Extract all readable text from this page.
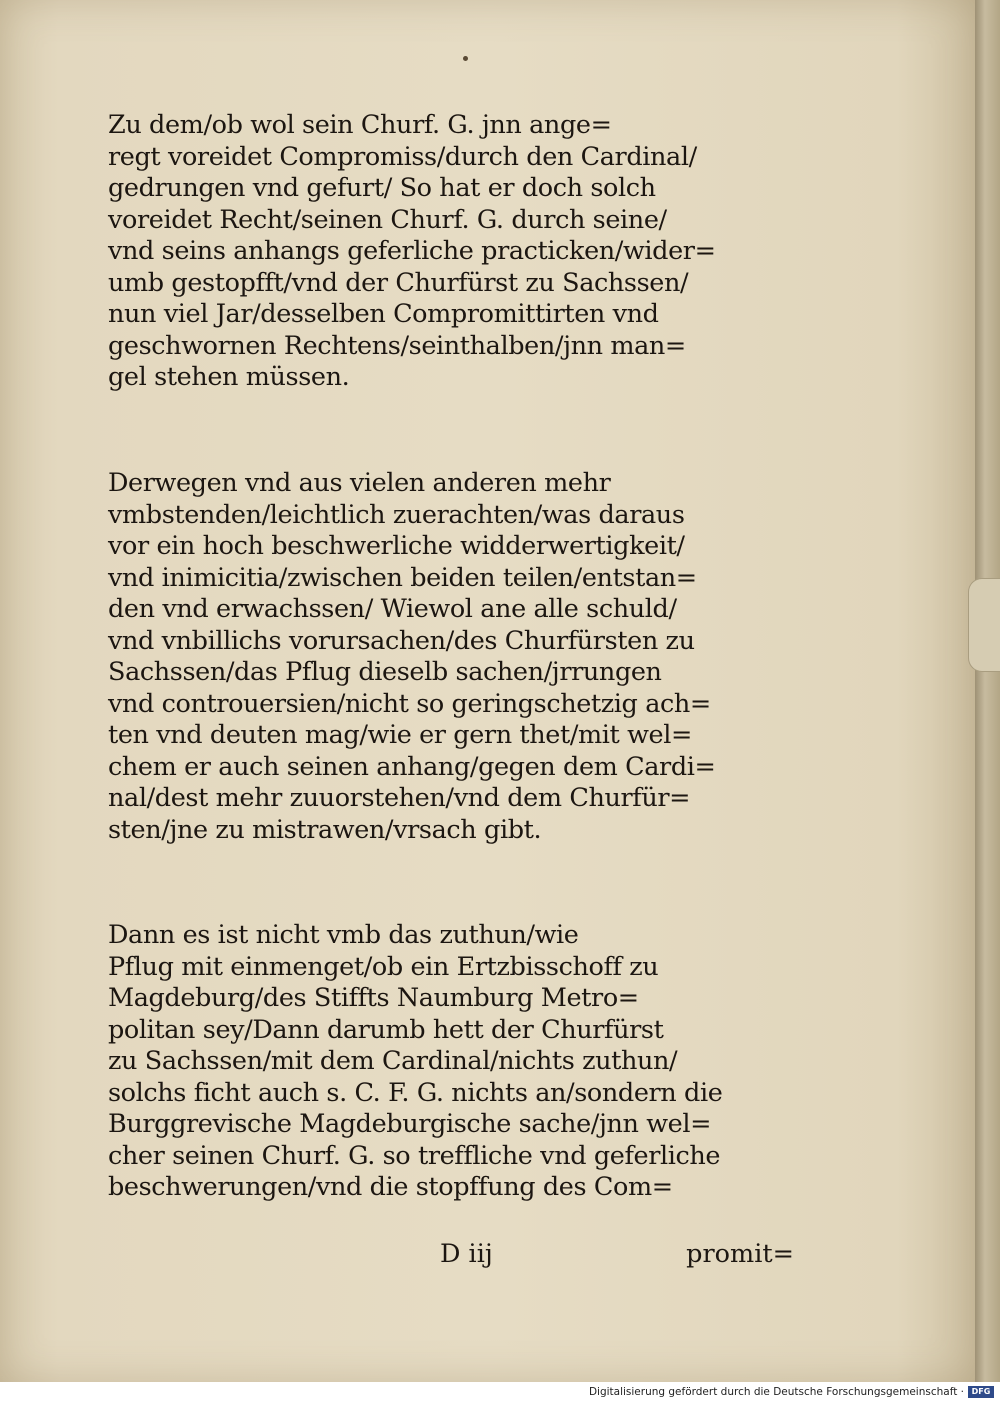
Zu dem/ob wol sein Churf. G. jnn ange=
regt voreidet Compromiss/durch den Cardinal/
gedrungen vnd gefurt/ So hat er doch solch
voreidet Recht/seinen Churf. G. durch seine/
vnd seins anhangs geferliche practicken/wider=
umb gestopfft/vnd der Churfürst zu Sachssen/
nun viel Jar/desselben Compromittirten vnd
geschwornen Rechtens/seinthalben/jnn man=
gel stehen müssen.
Derwegen vnd aus vielen anderen mehr
vmbstenden/leichtlich zuerachten/was daraus
vor ein hoch beschwerliche widderwertigkeit/
vnd inimicitia/zwischen beiden teilen/entstan=
den vnd erwachssen/ Wiewol ane alle schuld/
vnd vnbillichs vorursachen/des Churfürsten zu
Sachssen/das Pflug dieselb sachen/jrrungen
vnd controuersien/nicht so geringschetzig ach=
ten vnd deuten mag/wie er gern thet/mit wel=
chem er auch seinen anhang/gegen dem Cardi=
nal/dest mehr zuuorstehen/vnd dem Churfür=
sten/jne zu mistrawen/vrsach gibt.
Dann es ist nicht vmb das zuthun/wie
Pflug mit einmenget/ob ein Ertzbisschoff zu
Magdeburg/des Stiffts Naumburg Metro=
politan sey/Dann darumb hett der Churfürst
zu Sachssen/mit dem Cardinal/nichts zuthun/
solchs ficht auch s. C. F. G. nichts an/sondern die
Burggrevische Magdeburgische sache/jnn wel=
cher seinen Churf. G. so treffliche vnd geferliche
beschwerungen/vnd die stopffung des Com=
D iij	promit=
Digitalisierung gefördert durch die Deutsche Forschungsgemeinschaft · DFG
